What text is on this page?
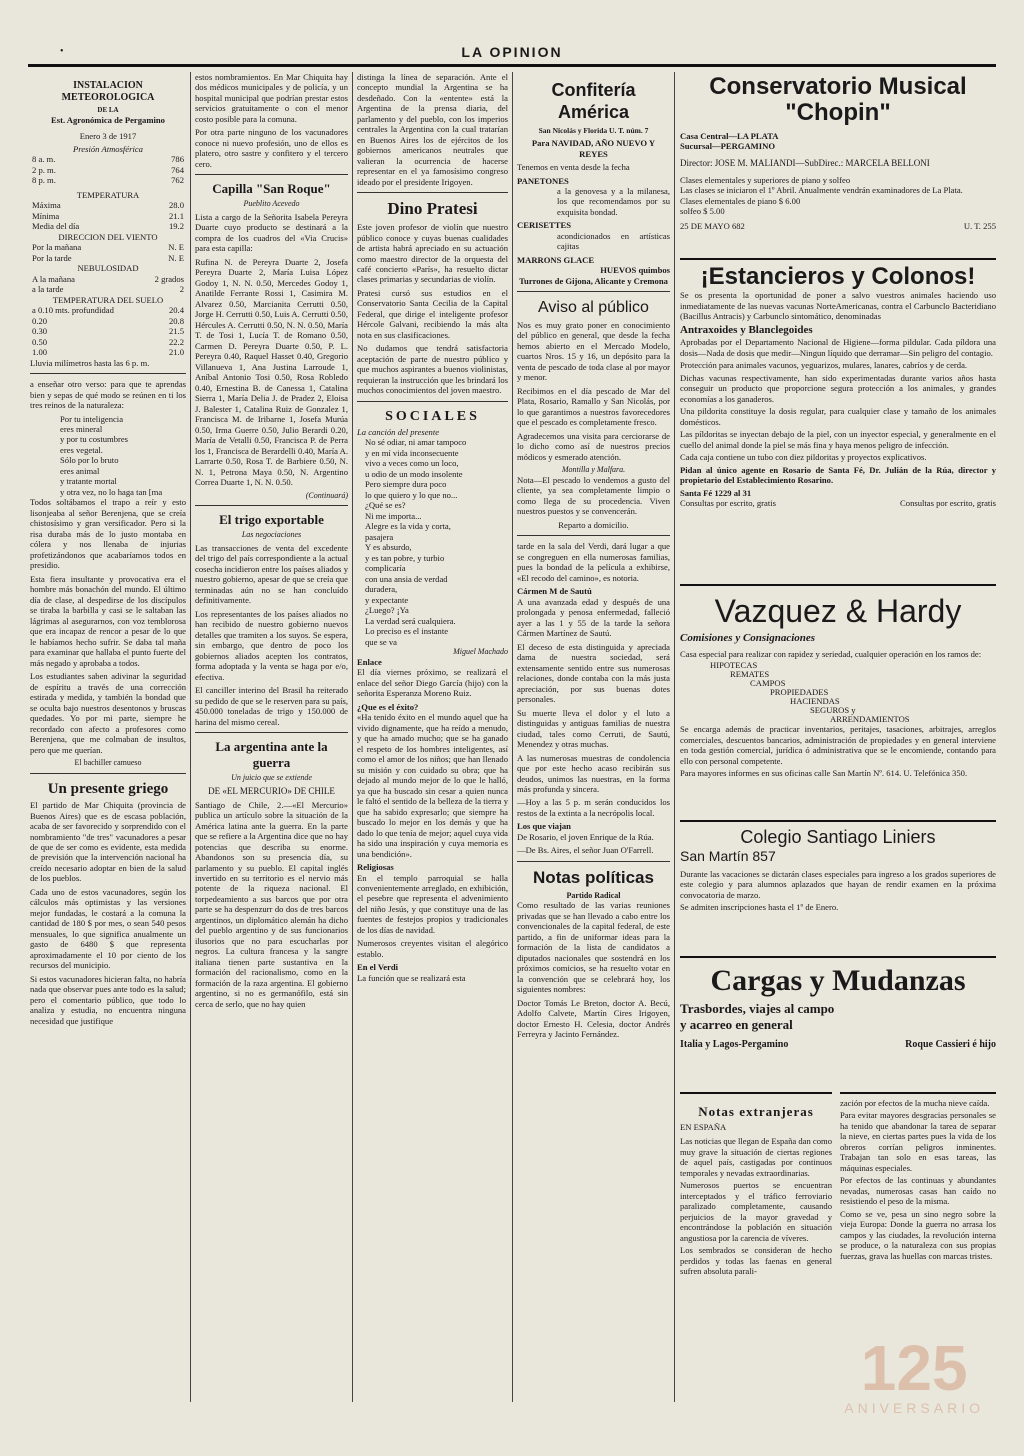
LA OPINION
•
INSTALACION METEOROLOGICA
DE LA
Est. Agronómica de Pergamino
Enero 3 de 1917
Presión Atmosférica
8 a. m.	786
2 p. m.	764
8 p. m.	762
TEMPERATURA
Máxima	28.0
Mínima	21.1
Media del día	19.2
DIRECCION DEL VIENTO
Por la mañana	N. E
Por la tarde	N. E
NEBULOSIDAD
A la mañana	2 grados
a la tarde	2
TEMPERATURA DEL SUELO
a 0.10 mts. profundidad	20.4
0.20	20.8
0.30	21.5
0.50	22.2
1.00	21.0

Lluvia milímetros hasta las 6 p. m.

a enseñar otro verso: para que te aprendas bien y sepas de qué modo se reúnen en ti los tres reinos de la naturaleza:

Por tu inteligencia
eres mineral
y por tu costumbres
eres vegetal.
Sólo por lo bruto
eres animal
y tratante mortal
y otra vez, no lo haga tan [ma

Todos soltábamos el trapo a reír y esto lisonjeaba al señor Berenjena, que se creía chistosísimo y gran versificador. Pero si la risa duraba más de lo justo montaba en cólera y nos llenaba de injurias profetizándonos que acabaríamos todos en presidio.

Esta fiera insultante y provocativa era el hombre más bonachón del mundo. El último día de clase, al despedirse de los discípulos se tiraba la barbilla y casi se le saltaban las lágrimas al asegurarnos, con voz temblorosa que era incapaz de rencor a pesar de lo que le habíamos hecho sufrir. Se daba tal maña para examinar que hallaba el punto fuerte del más negado y aprobaba a todos.

Los estudiantes saben adivinar la seguridad de espíritu a través de una corrección estirada y medida, y también la bondad que se oculta bajo nuestros desentonos y bruscas quedades. Yo por mi parte, siempre he recordado con afecto a profesores como Berenjena, que me colmaban de insultos, pero que me querían.

El bachiller camueso
Un presente griego

El partido de Mar Chiquita (provincia de Buenos Aires) que es de escasa población, acaba de ser favorecido y sorprendido con el nombramiento "de tres" vacunadores a pesar de que de ser como es evidente, esta medida de previsión que la intervención nacional ha creído necesario adoptar en bien de la salud de los pueblos.

Cada uno de estos vacunadores, según los cálculos más optimistas y las versiones mejor fundadas, le costará a la comuna la cantidad de 180 $ por mes, o sean 540 pesos mensuales, lo que significa anualmente un gasto de 6480 $ que representa aproximadamente el 10 por ciento de los recursos del municipio.

Si estos vacunadores hicieran falta, no habría nada que observar pues ante todo es la salud; pero el comentario público, que todo lo analiza y estudia, no encuentra ninguna necesidad que justifique

estos nombramientos. En Mar Chiquita hay dos médicos municipales y de policía, y un hospital municipal que podrían prestar estos servicios gratuitamente o con el menor costo posible para la comuna.

Por otra parte ninguno de los vacunadores conoce ni nuevo profesión, uno de ellos es platero, otro sastre y confitero y el tercero cero.

Capilla "San Roque"
Pueblito Acevedo

Lista a cargo de la Señorita Isabela Pereyra Duarte cuyo producto se destinará a la compra de los cuadros del «Via Crucis» para esta capilla:

Rufina N. de Pereyra Duarte 2, Josefa Pereyra Duarte 2, María Luisa López Godoy 1, N. N. 0.50, Mercedes Godoy 1, Anatilde Ferrante Rossi 1, Casimira M. Alvarez 0.50, Marcianita Cerrutti 0.50, Jorge H. Cerrutti 0.50, Luis A. Cerrutti 0.50, Hércules A. Cerrutti 0.50, N. N. 0.50, María T. de Tosi 1, Lucía T. de Romano 0.50, Carmen D. Pereyra Duarte 0.50, P. L. Pereyra 0.40, Raquel Hasset 0.40, Gregorio Villanueva 1, Ana Justina Larroude 1, Aníbal Antonio Tosi 0.50, Rosa Robledo 0.40, Ernestina B. de Canessa 1, Catalina Sierra 1, María Delia J. de Pradez 2, Eloisa J. Balester 1, Catalina Ruiz de Gonzalez 1, Francisca M. de Iribarne 1, Josefa Murúa 0.50, Irma Guerre 0.50, Julio Berardi 0.20, María de Vetalli 0.50, Francisca P. de Perra los 1, Francisca de Berardelli 0.40, María A. Larrarte 0.50, Rosa T. de Barbiere 0.50, N. N. 1, Petrona Maya 0.50, N. Argentino Correa Duarte 1, N. N. 0.50.

(Continuará)
El trigo exportable
Las negociaciones

Las transacciones de venta del excedente del trigo del país correspondiente a la actual cosecha incidieron entre los países aliados y nuestro gobierno, apesar de que se creía que terminadas aún no se han concluído definitivamente.

Los representantes de los países aliados no han recibido de nuestro gobierno nuevos detalles que tramiten a los suyos. Se espera, sin embargo, que dentro de poco los gobiernos aliados acepten los contratos, forma adoptada y la venta se haga por e/o, efectiva.

El canciller interino del Brasil ha reiterado su pedido de que se le reserven para su país, 450.000 toneladas de trigo y 150.000 de harina del mismo cereal.

La argentina ante la guerra
Un juicio que se extiende
DE «EL MERCURIO» DE CHILE

Santiago de Chile, 2.—«El Mercurio» publica un artículo sobre la situación de la América latina ante la guerra. En la parte que se refiere a la Argentina dice que no hay potencias que describa su enorme. Abandonos son su presencia día, su parlamento y su pueblo. El capital inglés invertido en su territorio es el nervio más potente de la riqueza nacional. El torpedeamiento a sus barcos que por otra parte se ha despenzurr do dos de tres barcos argentinos, un diplomático alemán ha dicho del pueblo argentino y de sus funcionarios ilusorios que no para escucharlas por negros. La cultura francesa y la sangre italiana tienen parte sustantiva en la formación del racionalismo, como en la formación de la raza argentina. El gobierno argentino, si no es germanófilo, está sin cerca de serlo, que no hay quien

distinga la línea de separación. Ante el concepto mundial la Argentina se ha desdeñado. Con la «entente» está la Argentina de la prensa diaria, del parlamento y del pueblo, con los imperios centrales la Argentina con la cual tratarían en Buenos Aires los de ejércitos de los gobiernos americanos neutrales que valieran la ocurrencia de hacerse representar en el ya famosísimo congreso ideado por el presidente Irigoyen.

Dino Pratesi

Este joven profesor de violín que nuestro público conoce y cuyas buenas cualidades de artista habrá apreciado en su actuación como maestro director de la orquesta del café concierto «París», ha resuelto dictar clases primarias y secundarias de violín.

Pratesi cursó sus estudios en el Conservatorio Santa Cecilia de la Capital Federal, que dirige el inteligente profesor Hércole Galvani, recibiendo la más alta nota en sus clasificaciones.

No dudamos que tendrá satisfactoria aceptación de parte de nuestro público y que muchos aspirantes a buenos violinistas, requieran la instrucción que les brindará los muchos conocimientos del joven maestro.

SOCIALES
La canción del presente
No sé odiar, ni amar tampoco
y en mí vida inconsecuente
vivo a veces como un loco,
u odio de un modo insolente
Pero siempre dura poco
lo que quiero y lo que no...
¿Qué se es?
Ni me importa...
Alegre es la vida y corta,
pasajera
Y es absurdo,
y es tan pobre, y turbio
complicaría
con una ansia de verdad
duradera,
y expectante
¿Luego? ¡Ya
La verdad será cualquiera.
Lo preciso es el instante
que se va
Miguel Machado
Enlace

El día viernes próximo, se realizará el enlace del señor Diego García (hijo) con la señorita Esperanza Moreno Ruiz.

¿Que es el éxito?

«Ha tenido éxito en el mundo aquel que ha vivido dignamente, que ha reído a menudo, y que ha amado mucho; que se ha ganado el respeto de los hombres inteligentes, así como el amor de los niños; que han llenado su misión y con cuidado su obra; que ha dejado al mundo mejor de lo que le halló, ya que ha buscado sin cesar a quien nunca le faltó el sentido de la belleza de la tierra y que ha sabido expresarlo; que siempre ha buscado lo mejor en los demás y que ha dado lo que tenía de mejor; aquel cuya vida ha sido una inspiración y cuya memoria es una bendición».

Religiosas

En el templo parroquial se halla convenientemente arreglado, en exhibición, el pesebre que representa el advenimiento del niño Jesús, y que constituye una de las fuentes de festejos propios y tradicionales de los días de navidad.

Numerosos creyentes visitan el alegórico establo.

En el Verdi

La función que se realizará esta

Confitería América
San Nicolás y Florida U. T. núm. 7
Para NAVIDAD, AÑO NUEVO Y REYES

Tenemos en venta desde la fecha

PANETONES

a la genovesa y a la milanesa, los que recomendamos por su exquisita bondad.

CERISETTES

acondicionados en artísticas cajitas

MARRONS GLACE
HUEVOS quimbos
Turrones de Gijona, Alicante y Cremona
Aviso al público

Nos es muy grato poner en conocimiento del público en general, que desde la fecha hemos abierto en el Mercado Modelo, cuartos Nros. 15 y 16, un depósito para la venta de pescado de toda clase al por mayor y menor.

Recibimos en el día pescado de Mar del Plata, Rosario, Ramallo y San Nicolás, por lo que garantimos a nuestros favorecedores que el pescado es completamente fresco.

Agradecemos una visita para cerciorarse de lo dicho como así de nuestros precios módicos y esmerado atención.

Montilla y Malfara.

Nota—El pescado lo vendemos a gusto del cliente, ya sea completamente limpio o como llega de su procedencia. Viven nuestros puestos y se convencerán.

Reparto a domicilio.

tarde en la sala del Verdi, dará lugar a que se congreguen en ella numerosas familias, pues la bondad de la película a exhibirse, «El recodo del camino», es notoria.

Cármen M de Sautú

A una avanzada edad y después de una prolongada y penosa enfermedad, falleció ayer a las 1 y 55 de la tarde la señora Cármen Martínez de Sautú.

El deceso de esta distinguida y apreciada dama de nuestra sociedad, será extensamente sentido entre sus numerosas relaciones, donde contaba con la más justa apreciación, por sus buenas dotes personales.

Su muerte lleva el dolor y el luto a distinguidas y antiguas familias de nuestra ciudad, tales como Cerruti, de Sautú, Menendez y otras muchas.

A las numerosas muestras de condolencia que por este hecho acaso recibirán sus deudos, unimos las nuestras, en la forma más profunda y sincera.

—Hoy a las 5 p. m serán conducidos los restos de la extinta a la necrópolis local.

Los que viajan

De Rosario, el joven Enrique de la Rúa.

—De Bs. Aires, el señor Juan O'Farrell.

Notas políticas
Partido Radical

Como resultado de las varias reuniones privadas que se han llevado a cabo entre los convencionales de la capital federal, de este partido, a fin de uniformar ideas para la formación de la lista de candidatos a diputados nacionales que sostendrá en los próximos comicios, se ha resuelto votar en la convención que se celebrará hoy, los siguientes nombres:

Doctor Tomás Le Breton, doctor A. Becú, Adolfo Calvete, Martín Cires Irigoyen, doctor Ernesto H. Celesia, doctor Andrés Ferreyra y Jacinto Fernández.

Conservatorio Musical "Chopin"
Casa Central—LA PLATA
Sucursal—PERGAMINO
Director: JOSE M. MALIANDI—SubDirec.: MARCELA BELLONI
Clases elementales y superiores de piano y solfeo
Las clases se iniciaron el 1º Abril. Anualmente vendrán examinadores de La Plata.
Clases elementales de piano $ 6.00
solfeo $ 5.00
25 DE MAYO 682	U. T. 255
¡Estancieros y Colonos!

Se os presenta la oportunidad de poner a salvo vuestros animales haciendo uso inmediatamente de las nuevas vacunas NorteAmericanas, contra el Carbunclo Bacteridiano (Bacillus Antracis) y Carbunclo sintomático, denominadas

Antraxoides y Blanclegoides

Aprobadas por el Departamento Nacional de Higiene—forma pildular. Cada píldora una dosis—Nada de dosis que medir—Ningun líquido que derramar—Sin peligro del contagio.

Protección para animales vacunos, yeguarizos, mulares, lanares, cabríos y de cerda.

Dichas vacunas respectivamente, han sido experimentadas durante varios años hasta conseguir un producto que proporcione segura protección a los animales, y grandes economías a los ganaderos.

Una pildorita constituye la dosis regular, para cualquier clase y tamaño de los animales domésticos.

Las píldoritas se inyectan debajo de la piel, con un inyector especial, y generalmente en el cuello del animal donde la piel se más fina y haya menos peligro de infección.

Cada caja contiene un tubo con diez pildoritas y proyectos explicativos.

Pidan al único agente en Rosario de Santa Fé, Dr. Julián de la Rúa, director y propietario del Establecimiento Rosarino.

Santa Fé 1229 al 31
Consultas por escrito, gratis	Consultas por escrito, gratis
Vazquez & Hardy
Comisiones y Consignaciones

Casa especial para realizar con rapidez y seriedad, cualquier operación en los ramos de:

HIPOTECAS
REMATES
CAMPOS
PROPIEDADES
HACIENDAS
SEGUROS y
ARRENDAMIENTOS

Se encarga además de practicar inventarios, peritajes, tasaciones, arbitrajes, arreglos comerciales, descuentos bancarios, administración de propiedades y en general interviene en toda gestión comercial, jurídica ó administrativa que se le encomiende, contando para ello con personal competente.

Para mayores informes en sus oficinas calle San Martín Nº. 614. U. Telefónica 350.

Colegio Santiago Liniers
San Martín 857

Durante las vacaciones se dictarán clases especiales para ingreso a los grados superiores de este colegio y para alumnos aplazados que hayan de rendir examen en la próxima convocatoria de marzo.

Se admiten inscripciones hasta el 1º de Enero.

Cargas y Mudanzas
Trasbordes, viajes al campo
y acarreo en general
Italia y Lagos-Pergamino	Roque Cassieri é hijo
Notas extranjeras
EN ESPAÑA

Las noticias que llegan de España dan como muy grave la situación de ciertas regiones de aquel país, castigadas por continuos temporales y nevadas extraordinarias.

Numerosos puertos se encuentran interceptados y el tráfico ferroviario paralizado completamente, causando perjuicios de la mayor gravedad y encontrándose la población en situación angustiosa por la carencia de víveres.

Los sembrados se consideran de hecho perdidos y todas las faenas en general sufren absoluta parali-

zación por efectos de la mucha nieve caída.

Para evitar mayores desgracias personales se ha tenido que abandonar la tarea de separar la nieve, en ciertas partes pues la vida de los obreros corrían peligros inminentes. Trabajan tan solo en esas tareas, las máquinas especiales.

Por efectos de las continuas y abundantes nevadas, numerosas casas han caído no resistiendo el peso de la misma.

Como se ve, pesa un sino negro sobre la vieja Europa: Donde la guerra no arrasa los campos y las ciudades, la revolución interna se produce, o la naturaleza con sus propias fuerzas, grava las huellas con marcas tristes.

125
ANIVERSARIO
